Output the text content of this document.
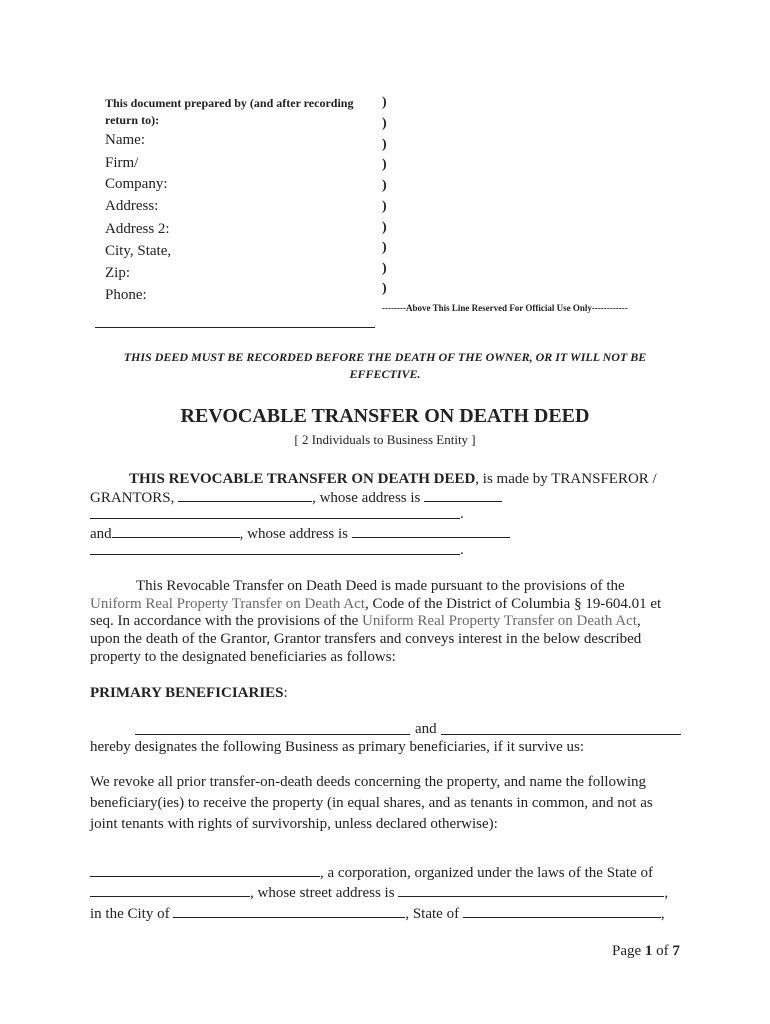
This document prepared by (and after recording
return to):
Name:
Firm/
Company:
Address:
Address 2:
City, State,
Zip:
Phone:
)
)
)
)
)
)
)
)
)
)
--------Above This Line Reserved For Official Use Only------------
THIS DEED MUST BE RECORDED BEFORE THE DEATH OF THE OWNER, OR IT WILL NOT BE
EFFECTIVE.
REVOCABLE TRANSFER ON DEATH DEED
[ 2 Individuals to Business Entity ]
THIS REVOCABLE TRANSFER ON DEATH DEED, is made by TRANSFEROR /
GRANTORS,	, whose address is
.
and	, whose address is
.
This Revocable Transfer on Death Deed is made pursuant to the provisions of the
Uniform Real Property Transfer on Death Act, Code of the District of Columbia § 19-604.01 et
seq. In accordance with the provisions of the Uniform Real Property Transfer on Death Act,
upon the death of the Grantor, Grantor transfers and conveys interest in the below described
property to the designated beneficiaries as follows:
PRIMARY BENEFICIARIES:
and
hereby designates the following Business as primary beneficiaries, if it survive us:
We revoke all prior transfer-on-death deeds concerning the property, and name the following
beneficiary(ies) to receive the property (in equal shares, and as tenants in common, and not as
joint tenants with rights of survivorship, unless declared otherwise):
, a corporation, organized under the laws of the State of
, whose street address is	,
in the City of	, State of	,
Page 1 of 7
